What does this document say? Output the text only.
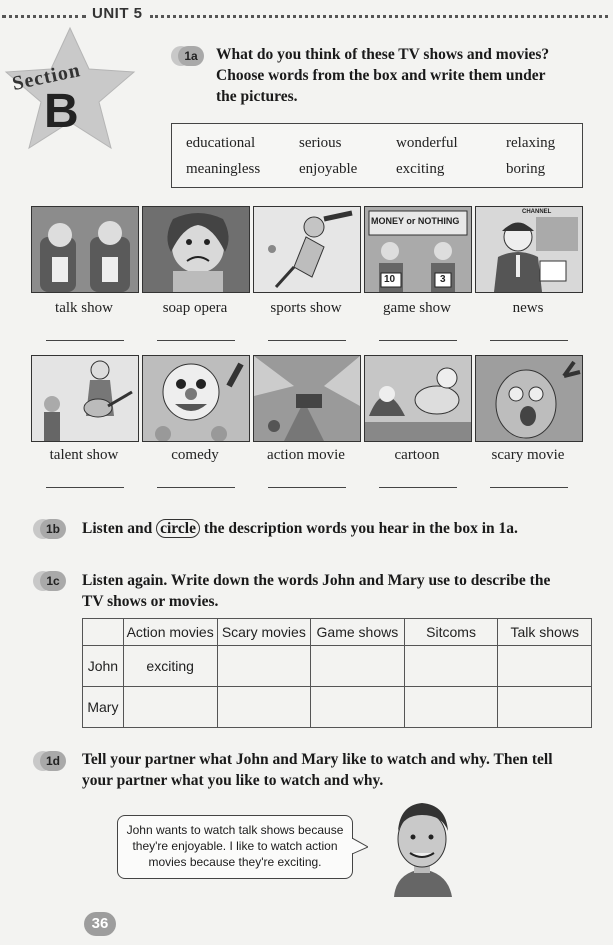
UNIT 5
Section
B
1a	What do you think of these TV shows and movies?
Choose words from the box and write them under
the pictures.
educational	serious	wonderful	relaxing
meaningless	enjoyable	exciting	boring
MONEY or NOTHING
10	3
CHANNEL
talk show	soap opera	sports show	game show	news
talent show	comedy	action movie	cartoon	scary movie
1b	Listen and circle the description words you hear in the box in 1a.
1c	Listen again. Write down the words John and Mary use to describe the
TV shows or movies.
	Action movies	Scary movies	Game shows	Sitcoms	Talk shows
John	exciting				
Mary					
1d	Tell your partner what John and Mary like to watch and why. Then tell
your partner what you like to watch and why.
John wants to watch talk shows because
they're enjoyable. I like to watch action
movies because they're exciting.
36
